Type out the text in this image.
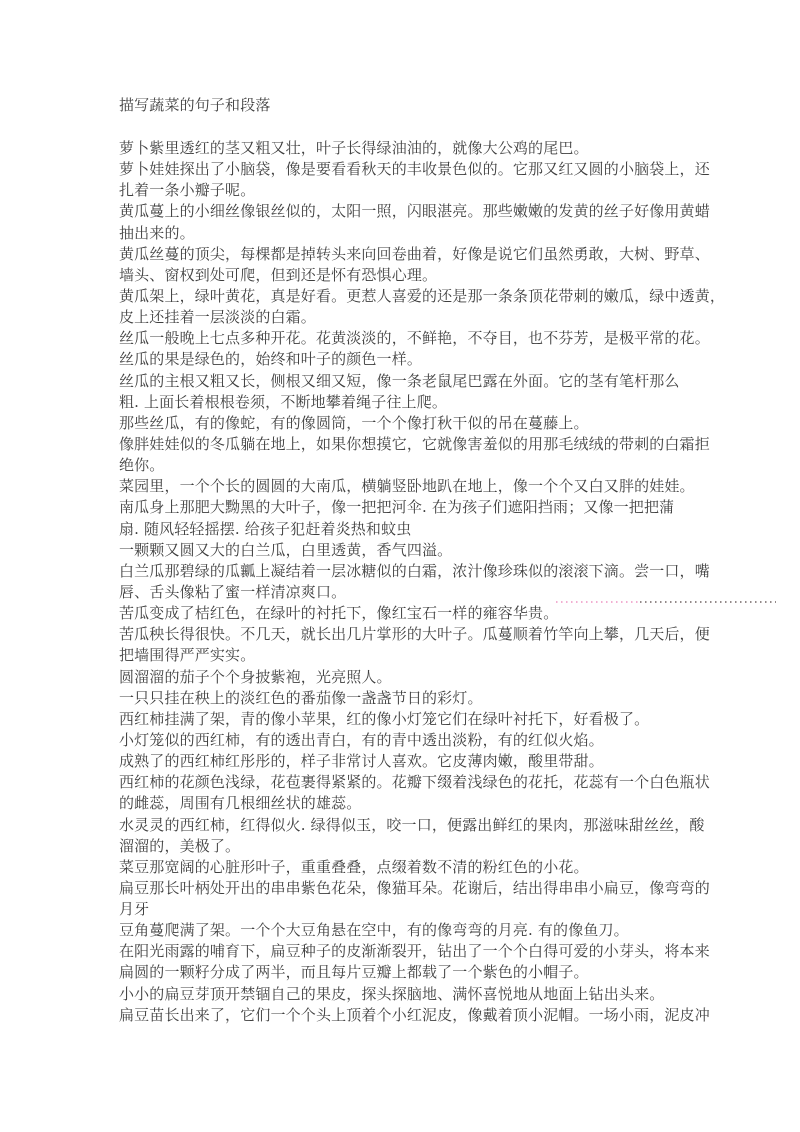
描写蔬菜的句子和段落
萝卜紫里透红的茎又粗又壮，叶子长得绿油油的，就像大公鸡的尾巴。
萝卜娃娃探出了小脑袋，像是要看看秋天的丰收景色似的。它那又红又圆的小脑袋上，还
扎着一条小瓣子呢。
黄瓜蔓上的小细丝像银丝似的，太阳一照，闪眼湛亮。那些嫩嫩的发黄的丝子好像用黄蜡
抽出来的。
黄瓜丝蔓的顶尖，每棵都是掉转头来向回卷曲着，好像是说它们虽然勇敢，大树、野草、
墙头、窗权到处可爬，但到还是怀有恐惧心理。
黄瓜架上，绿叶黄花，真是好看。更惹人喜爱的还是那一条条顶花带刺的嫩瓜，绿中透黄，
皮上还挂着一层淡淡的白霜。
丝瓜一般晚上七点多种开花。花黄淡淡的，不鲜艳，不夺目，也不芬芳，是极平常的花。
丝瓜的果是绿色的，始终和叶子的颜色一样。
丝瓜的主根又粗又长，侧根又细又短，像一条老鼠尾巴露在外面。它的茎有笔杆那么
粗. 上面长着根根卷须，不断地攀着绳子往上爬。
那些丝瓜，有的像蛇，有的像圆筒，一个个像打秋干似的吊在蔓藤上。
像胖娃娃似的冬瓜躺在地上，如果你想摸它，它就像害羞似的用那毛绒绒的带刺的白霜拒
绝你。
菜园里，一个个长的圆圆的大南瓜，横躺竖卧地趴在地上，像一个个又白又胖的娃娃。
南瓜身上那肥大黝黑的大叶子，像一把把河伞. 在为孩子们遮阳挡雨；又像一把把蒲
扇. 随风轻轻摇摆. 给孩子犯赶着炎热和蚊虫
一颗颗又圆又大的白兰瓜，白里透黄，香气四溢。
白兰瓜那碧绿的瓜瓤上凝结着一层冰糖似的白霜，浓汁像珍珠似的滚滚下滴。尝一口，嘴
唇、舌头像粘了蜜一样清凉爽口。
苦瓜变成了桔红色，在绿叶的衬托下，像红宝石一样的雍容华贵。
苦瓜秧长得很快。不几天，就长出几片掌形的大叶子。瓜蔓顺着竹竿向上攀，几天后，便
把墙围得严严实实。
圆溜溜的茄子个个身披紫袍，光亮照人。
一只只挂在秧上的淡红色的番茄像一盏盏节日的彩灯。
西红柿挂满了架，青的像小苹果，红的像小灯笼它们在绿叶衬托下，好看极了。
小灯笼似的西红柿，有的透出青白，有的青中透出淡粉，有的红似火焰。
成熟了的西红柿红彤彤的，样子非常讨人喜欢。它皮薄肉嫩，酸里带甜。
西红柿的花颜色浅绿，花苞裹得紧紧的。花瓣下缀着浅绿色的花托，花蕊有一个白色瓶状
的雌蕊，周围有几根细丝状的雄蕊。
水灵灵的西红柿，红得似火. 绿得似玉，咬一口，便露出鲜红的果肉，那滋味甜丝丝，酸
溜溜的，美极了。
菜豆那宽阔的心脏形叶子，重重叠叠，点缀着数不清的粉红色的小花。
扁豆那长叶柄处开出的串串紫色花朵，像猫耳朵。花谢后，结出得串串小扁豆，像弯弯的
月牙
豆角蔓爬满了架。一个个大豆角悬在空中，有的像弯弯的月亮. 有的像鱼刀。
在阳光雨露的哺育下，扁豆种子的皮渐渐裂开，钻出了一个个白得可爱的小芽头，将本来
扁圆的一颗籽分成了两半，而且每片豆瓣上都载了一个紫色的小帽子。
小小的扁豆芽顶开禁锢自己的果皮，探头探脑地、满怀喜悦地从地面上钻出头来。
扁豆苗长出来了，它们一个个头上顶着个小红泥皮，像戴着顶小泥帽。一场小雨，泥皮冲
